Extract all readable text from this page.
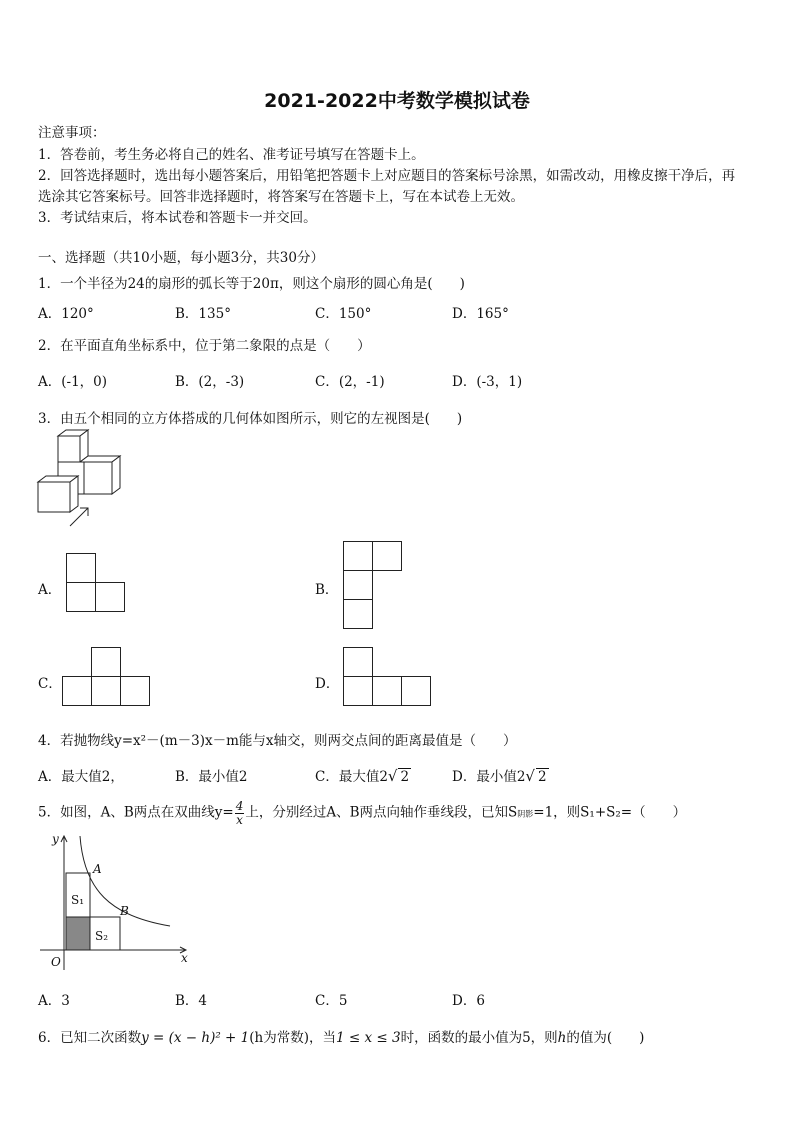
2021-2022中考数学模拟试卷
注意事项：
1．答卷前，考生务必将自己的姓名、准考证号填写在答题卡上。
2．回答选择题时，选出每小题答案后，用铅笔把答题卡上对应题目的答案标号涂黑，如需改动，用橡皮擦干净后，再
选涂其它答案标号。回答非选择题时，将答案写在答题卡上，写在本试卷上无效。
3．考试结束后，将本试卷和答题卡一并交回。
一、选择题（共10小题，每小题3分，共30分）
1．一个半径为24的扇形的弧长等于20π，则这个扇形的圆心角是(　　)
A．120°	B．135°	C．150°	D．165°
2．在平面直角坐标系中，位于第二象限的点是（　　）
A．(-1，0)	B．(2，-3)	C．(2，-1)	D．(-3，1)
3．由五个相同的立方体搭成的几何体如图所示，则它的左视图是(　　)
A．	B．
C．	D．
4．若抛物线y=x²－(m－3)x－m能与x轴交，则两交点间的距离最值是（　　）
A．最大值2，	B．最小值2	C．最大值2√ 2	D．最小值2√ 2
5．如图，A、B两点在双曲线$y= \frac{4}{x}$ 上，分别经过A、B两点向轴作垂线段，已知S阴影=1，则S₁+S₂=（　　）
y
x
O
A
B
S₁
S₂
A．3	B．4	C．5	D．6
6．已知二次函数y = (x − h)² + 1(h为常数)，当1 ≤ x ≤ 3时，函数的最小值为5，则h的值为(　　)
